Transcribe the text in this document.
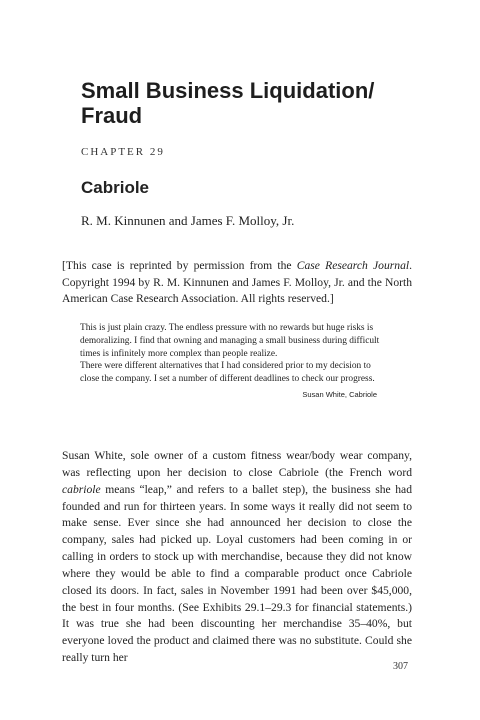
Small Business Liquidation/ Fraud
CHAPTER 29
Cabriole
R. M. Kinnunen and James F. Molloy, Jr.

[This case is reprinted by permission from the Case Research Journal. Copyright 1994 by R. M. Kinnunen and James F. Molloy, Jr. and the North American Case Research Association. All rights reserved.]

This is just plain crazy. The endless pressure with no rewards but huge risks is demoralizing. I find that owning and managing a small business during difficult times is infinitely more complex than people realize.

There were different alternatives that I had considered prior to my decision to close the company. I set a number of different deadlines to check our progress.

Susan White, Cabriole

Susan White, sole owner of a custom fitness wear/body wear company, was reflecting upon her decision to close Cabriole (the French word cabriole means “leap,” and refers to a ballet step), the business she had founded and run for thirteen years. In some ways it really did not seem to make sense. Ever since she had announced her decision to close the company, sales had picked up. Loyal customers had been coming in or calling in orders to stock up with merchandise, because they did not know where they would be able to find a comparable product once Cabriole closed its doors. In fact, sales in November 1991 had been over $45,000, the best in four months. (See Exhibits 29.1–29.3 for financial statements.) It was true she had been discounting her merchandise 35–40%, but everyone loved the product and claimed there was no substitute. Could she really turn her

307
